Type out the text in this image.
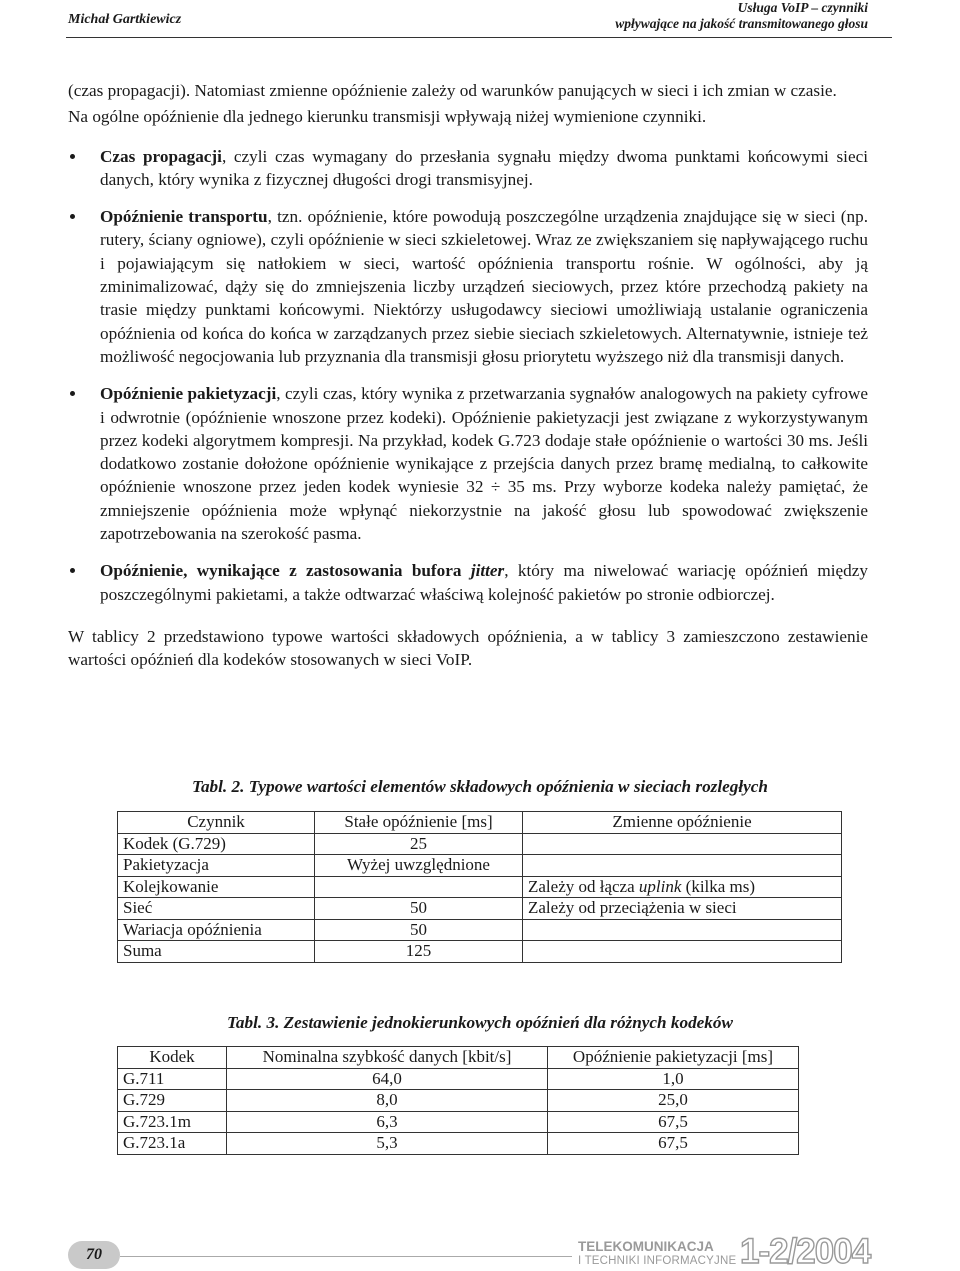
Michał Gartkiewicz
Usługa VoIP – czynniki
wpływające na jakość transmitowanego głosu

(czas propagacji). Natomiast zmienne opóźnienie zależy od warunków panujących w sieci i ich zmian w czasie.

Na ogólne opóźnienie dla jednego kierunku transmisji wpływają niżej wymienione czynniki.

Czas propagacji, czyli czas wymagany do przesłania sygnału między dwoma punktami końcowymi sieci danych, który wynika z fizycznej długości drogi transmisyjnej.
Opóźnienie transportu, tzn. opóźnienie, które powodują poszczególne urządzenia znajdujące się w sieci (np. rutery, ściany ogniowe), czyli opóźnienie w sieci szkieletowej. Wraz ze zwiększaniem się napływającego ruchu i pojawiającym się natłokiem w sieci, wartość opóźnienia transportu rośnie. W ogólności, aby ją zminimalizować, dąży się do zmniejszenia liczby urządzeń sieciowych, przez które przechodzą pakiety na trasie między punktami końcowymi. Niektórzy usługodawcy sieciowi umożliwiają ustalanie ograniczenia opóźnienia od końca do końca w zarządzanych przez siebie sieciach szkieletowych. Alternatywnie, istnieje też możliwość negocjowania lub przyznania dla transmisji głosu priorytetu wyższego niż dla transmisji danych.
Opóźnienie pakietyzacji, czyli czas, który wynika z przetwarzania sygnałów analogowych na pakiety cyfrowe i odwrotnie (opóźnienie wnoszone przez kodeki). Opóźnienie pakietyzacji jest związane z wykorzystywanym przez kodeki algorytmem kompresji. Na przykład, kodek G.723 dodaje stałe opóźnienie o wartości 30 ms. Jeśli dodatkowo zostanie dołożone opóźnienie wynikające z przejścia danych przez bramę medialną, to całkowite opóźnienie wnoszone przez jeden kodek wyniesie 32 ÷ 35 ms. Przy wyborze kodeka należy pamiętać, że zmniejszenie opóźnienia może wpłynąć niekorzystnie na jakość głosu lub spowodować zwiększenie zapotrzebowania na szerokość pasma.
Opóźnienie, wynikające z zastosowania bufora jitter, który ma niwelować wariację opóźnień między poszczególnymi pakietami, a także odtwarzać właściwą kolejność pakietów po stronie odbiorczej.

W tablicy 2 przedstawiono typowe wartości składowych opóźnienia, a w tablicy 3 zamieszczono zestawienie wartości opóźnień dla kodeków stosowanych w sieci VoIP.

Tabl. 2. Typowe wartości elementów składowych opóźnienia w sieciach rozległych
Czynnik	Stałe opóźnienie [ms]	Zmienne opóźnienie
Kodek (G.729)	25	
Pakietyzacja	Wyżej uwzględnione	
Kolejkowanie		Zależy od łącza uplink (kilka ms)
Sieć	50	Zależy od przeciążenia w sieci
Wariacja opóźnienia	50	
Suma	125	
Tabl. 3. Zestawienie jednokierunkowych opóźnień dla różnych kodeków
Kodek	Nominalna szybkość danych [kbit/s]	Opóźnienie pakietyzacji [ms]
G.711	64,0	1,0
G.729	8,0	25,0
G.723.1m	6,3	67,5
G.723.1a	5,3	67,5
70	TELEKOMUNIKACJA
I TECHNIKI INFORMACYJNE 1-2/2004
